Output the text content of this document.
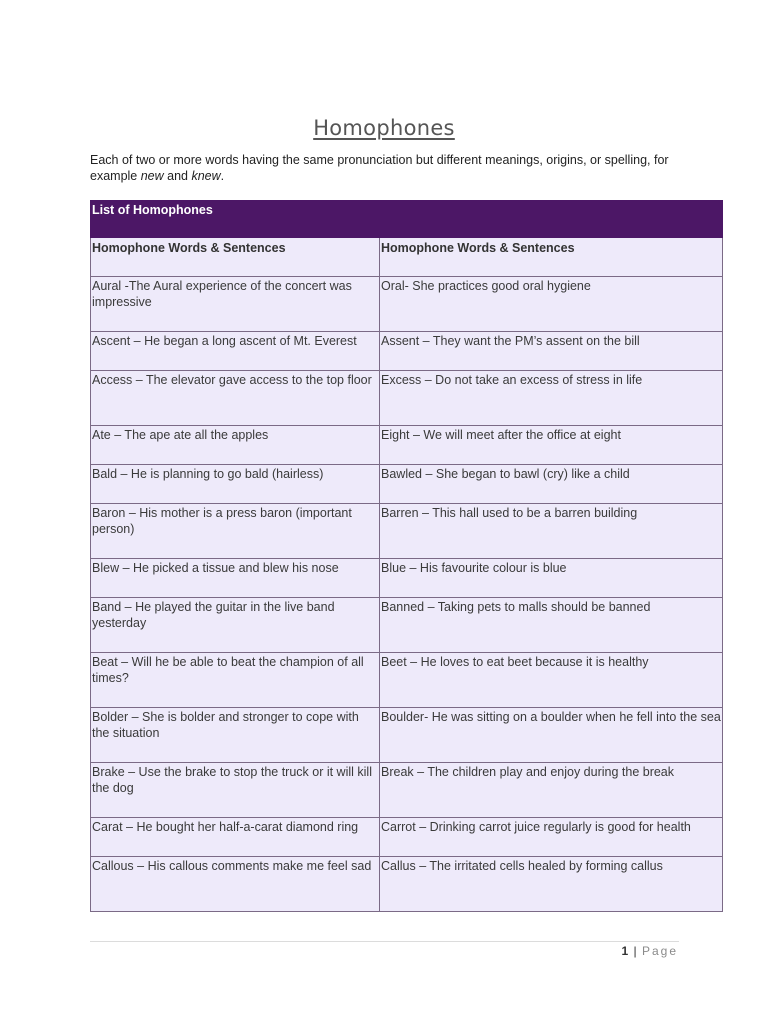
Homophones

Each of two or more words having the same pronunciation but different meanings, origins, or spelling, for example new and knew.

List of Homophones	
Homophone Words & Sentences	Homophone Words & Sentences
Aural -The Aural experience of the concert was impressive	Oral- She practices good oral hygiene
Ascent – He began a long ascent of Mt. Everest	Assent – They want the PM’s assent on the bill
Access – The elevator gave access to the top floor	Excess – Do not take an excess of stress in life
Ate – The ape ate all the apples	Eight – We will meet after the office at eight
Bald – He is planning to go bald (hairless)	Bawled – She began to bawl (cry) like a child
Baron – His mother is a press baron (important person)	Barren – This hall used to be a barren building
Blew – He picked a tissue and blew his nose	Blue – His favourite colour is blue
Band – He played the guitar in the live band yesterday	Banned – Taking pets to malls should be banned
Beat – Will he be able to beat the champion of all times?	Beet – He loves to eat beet because it is healthy
Bolder – She is bolder and stronger to cope with the situation	Boulder- He was sitting on a boulder when he fell into the sea
Brake – Use the brake to stop the truck or it will kill the dog	Break – The children play and enjoy during the break
Carat – He bought her half-a-carat diamond ring	Carrot – Drinking carrot juice regularly is good for health
Callous – His callous comments make me feel sad	Callus – The irritated cells healed by forming callus
1 | Page
